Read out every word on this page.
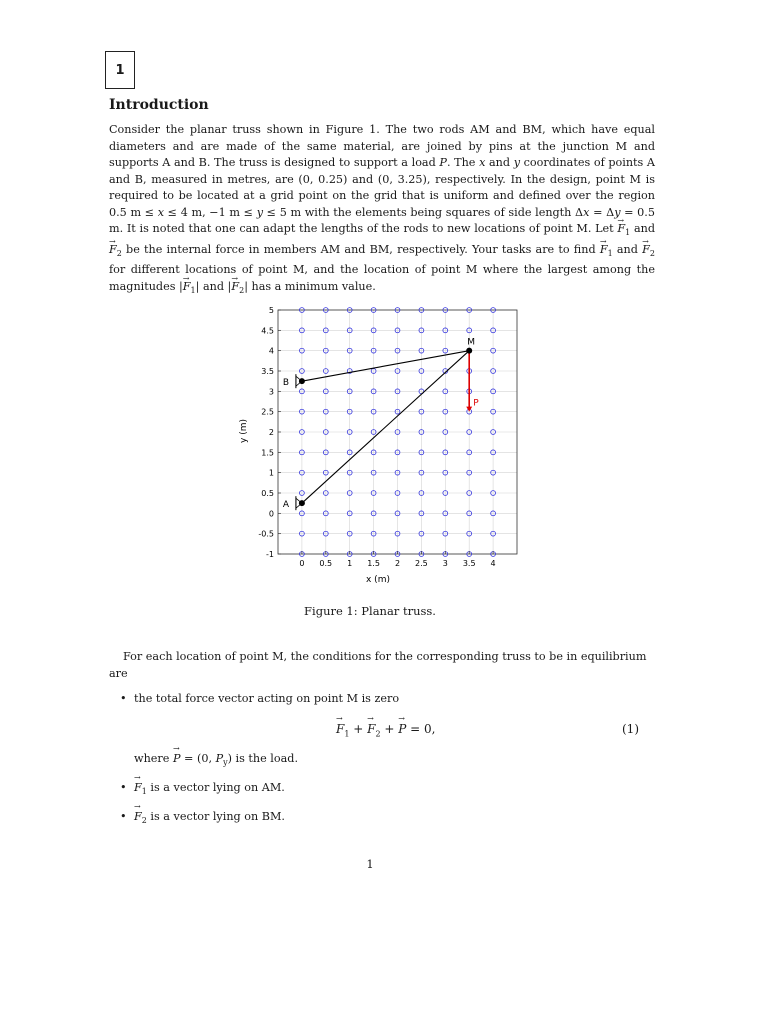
1
Introduction

Consider the planar truss shown in Figure 1. The two rods AM and BM, which have equal diameters and are made of the same material, are joined by pins at the junction M and supports A and B. The truss is designed to support a load P. The x and y coordinates of points A and B, measured in metres, are (0, 0.25) and (0, 3.25), respectively. In the design, point M is required to be located at a grid point on the grid that is uniform and defined over the region 0.5 m ≤ x ≤ 4 m, −1 m ≤ y ≤ 5 m with the elements being squares of side length Δx = Δy = 0.5 m. It is noted that one can adapt the lengths of the rods to new locations of point M. Let → $F_1$ and → $F_2$ be the internal force in members AM and BM, respectively. Your tasks are to find → $F_1$ and → $F_2$ for different locations of point M, and the location of point M where the largest among the magnitudes |→ $F_1|$ and |→ $F_2|$ has a minimum value.

0 0.5 1 1.5 2 2.5 3 3.5 4
-1
-0.5
0
0.5
1
1.5
2
2.5
3
3.5
4
4.5
5
y (m)
x (m)
A
B
M
P

Figure 1: Planar truss.

For each location of point M, the conditions for the corresponding truss to be in equilibrium are

• the total force vector acting on point M is zero

→ $F_1$ + → $F_2$ + → P = 0,	(1)

where → P = (0, $P_y$) is the load.

• → $F_1$ is a vector lying on AM.

• → $F_2$ is a vector lying on BM.

1
